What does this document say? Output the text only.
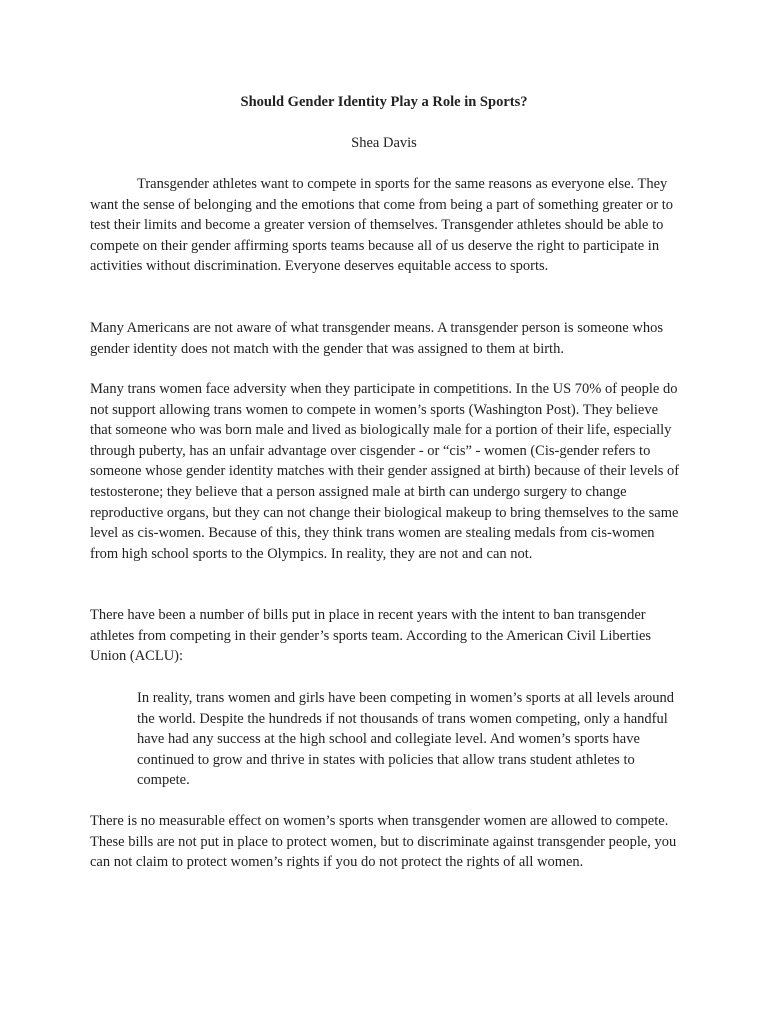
Should Gender Identity Play a Role in Sports?

Shea Davis

Transgender athletes want to compete in sports for the same reasons as everyone else. They want the sense of belonging and the emotions that come from being a part of something greater or to test their limits and become a greater version of themselves. Transgender athletes should be able to compete on their gender affirming sports teams because all of us deserve the right to participate in activities without discrimination. Everyone deserves equitable access to sports.

Many Americans are not aware of what transgender means. A transgender person is someone whos gender identity does not match with the gender that was assigned to them at birth.

Many trans women face adversity when they participate in competitions. In the US 70% of people do not support allowing trans women to compete in women’s sports (Washington Post). They believe that someone who was born male and lived as biologically male for a portion of their life, especially through puberty, has an unfair advantage over cisgender - or “cis” - women (Cis-gender refers to someone whose gender identity matches with their gender assigned at birth) because of their levels of testosterone; they believe that a person assigned male at birth can undergo surgery to change reproductive organs, but they can not change their biological makeup to bring themselves to the same level as cis-women. Because of this, they think trans women are stealing medals from cis-women from high school sports to the Olympics. In reality, they are not and can not.

There have been a number of bills put in place in recent years with the intent to ban transgender athletes from competing in their gender’s sports team. According to the American Civil Liberties Union (ACLU):

In reality, trans women and girls have been competing in women’s sports at all levels around the world. Despite the hundreds if not thousands of trans women competing, only a handful have had any success at the high school and collegiate level. And women’s sports have continued to grow and thrive in states with policies that allow trans student athletes to compete.

There is no measurable effect on women’s sports when transgender women are allowed to compete. These bills are not put in place to protect women, but to discriminate against transgender people, you can not claim to protect women’s rights if you do not protect the rights of all women.
